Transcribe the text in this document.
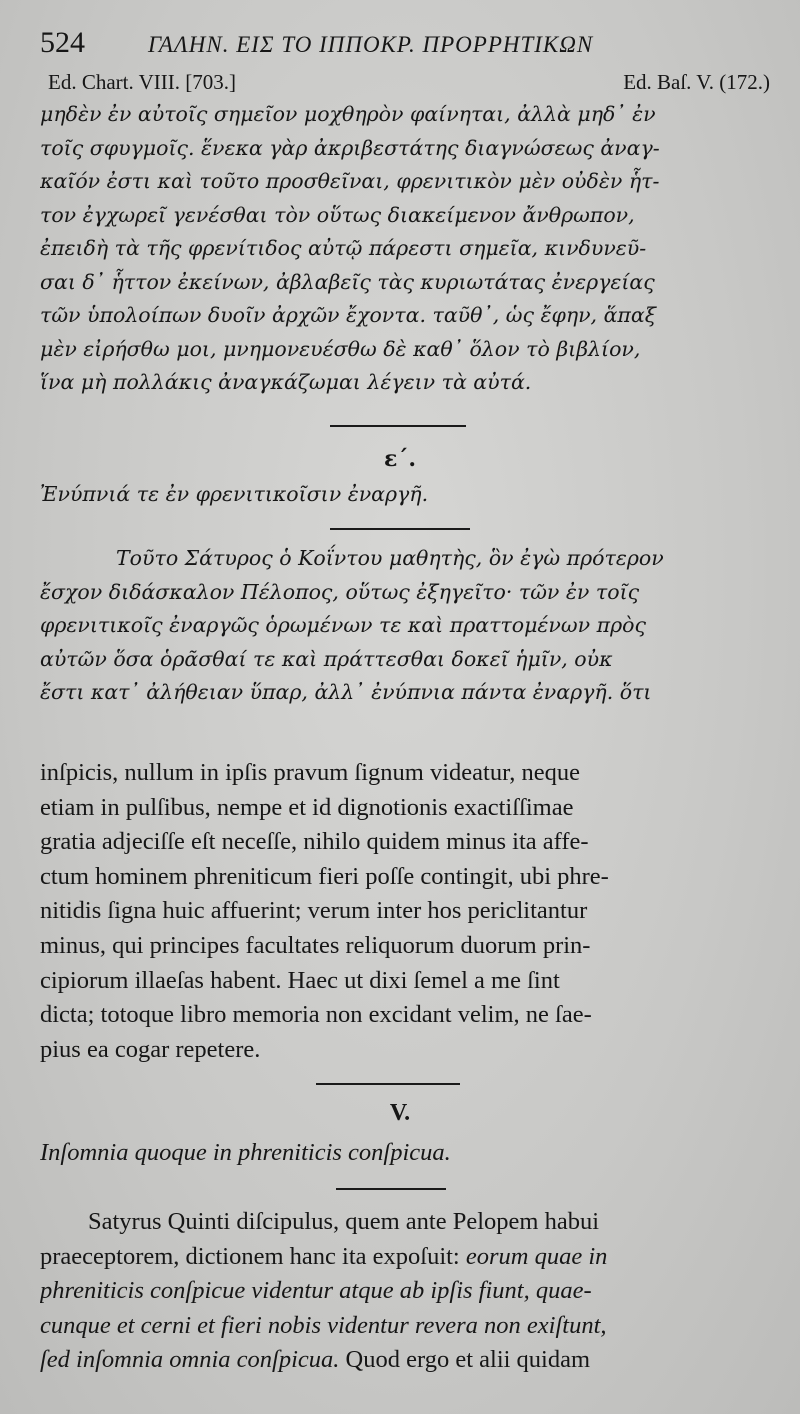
524	ΓΑΛΗΝ. ΕΙΣ ΤΟ ΙΠΠΟΚΡ. ΠΡΟΡΡΗΤΙΚΩΝ
Ed. Chart. VIII. [703.]	Ed. Baſ. V. (172.)
μηδὲν ἐν αὐτοῖς σημεῖον μοχθηρὸν φαίνηται, ἀλλὰ μηδ᾽ ἐν
τοῖς σφυγμοῖς. ἕνεκα γὰρ ἀκριβεστάτης διαγνώσεως ἀναγ-
καῖόν ἐστι καὶ τοῦτο προσθεῖναι, φρενιτικὸν μὲν οὐδὲν ἧτ-
τον ἐγχωρεῖ γενέσθαι τὸν οὕτως διακείμενον ἄνθρωπον,
ἐπειδὴ τὰ τῆς φρενίτιδος αὐτῷ πάρεστι σημεῖα, κινδυνεῦ-
σαι δ᾽ ἧττον ἐκείνων, ἀβλαβεῖς τὰς κυριωτάτας ἐνεργείας
τῶν ὑπολοίπων δυοῖν ἀρχῶν ἔχοντα. ταῦθ᾽, ὡς ἔφην, ἅπαξ
μὲν εἰρήσθω μοι, μνημονευέσθω δὲ καθ᾽ ὅλον τὸ βιβλίον,
ἵνα μὴ πολλάκις ἀναγκάζωμαι λέγειν τὰ αὐτά.
ε΄.
Ἐνύπνιά τε ἐν φρενιτικοῖσιν ἐναργῆ.
Τοῦτο Σάτυρος ὁ Κοΐντου μαθητὴς, ὃν ἐγὼ πρότερον
ἔσχον διδάσκαλον Πέλοπος, οὕτως ἐξηγεῖτο· τῶν ἐν τοῖς
φρενιτικοῖς ἐναργῶς ὁρωμένων τε καὶ πραττομένων πρὸς
αὐτῶν ὅσα ὁρᾶσθαί τε καὶ πράττεσθαι δοκεῖ ἡμῖν, οὐκ
ἔστι κατ᾽ ἀλήθειαν ὕπαρ, ἀλλ᾽ ἐνύπνια πάντα ἐναργῆ. ὅτι
inſpicis, nullum in ipſis pravum ſignum videatur, neque
etiam in pulſibus, nempe et id dignotionis exactiſſimae
gratia adjeciſſe eſt neceſſe, nihilo quidem minus ita affe-
ctum hominem phreniticum fieri poſſe contingit, ubi phre-
nitidis ſigna huic affuerint; verum inter hos periclitantur
minus, qui principes facultates reliquorum duorum prin-
cipiorum illaeſas habent. Haec ut dixi ſemel a me ſint
dicta; totoque libro memoria non excidant velim, ne ſae-
pius ea cogar repetere.
V.
Inſomnia quoque in phreniticis conſpicua.
Satyrus Quinti diſcipulus, quem ante Pelopem habui
praeceptorem, dictionem hanc ita expoſuit: eorum quae in
phreniticis conſpicue videntur atque ab ipſis fiunt, quae-
cunque et cerni et fieri nobis videntur revera non exiſtunt,
ſed inſomnia omnia conſpicua. Quod ergo et alii quidam
